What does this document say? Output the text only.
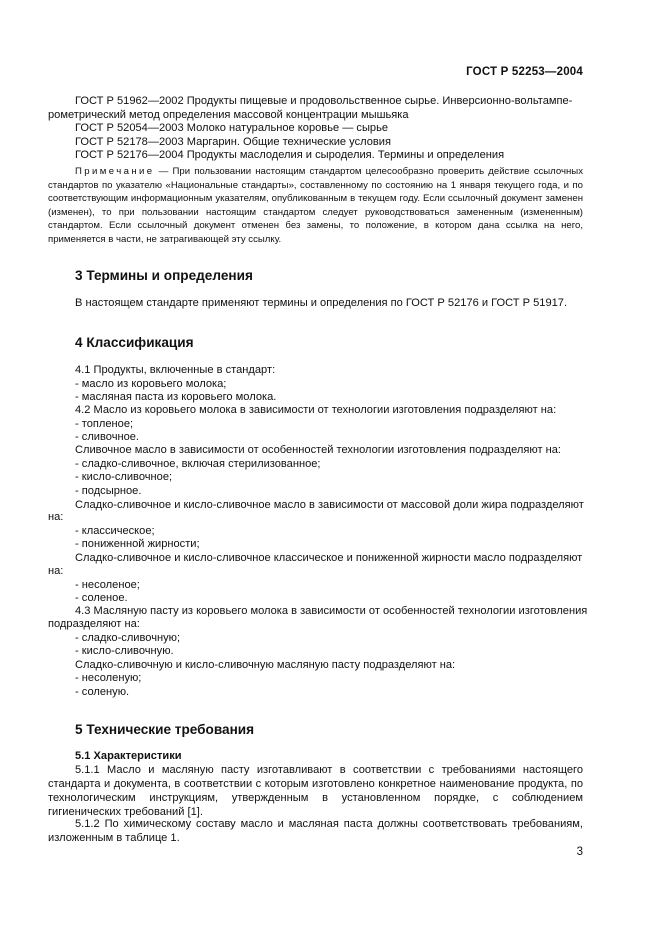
ГОСТ Р 52253—2004
ГОСТ Р 51962—2002 Продукты пищевые и продовольственное сырье. Инверсионно-вольтампе-
рометрический метод определения массовой концентрации мышьяка
ГОСТ Р 52054—2003 Молоко натуральное коровье — сырье
ГОСТ Р 52178—2003 Маргарин. Общие технические условия
ГОСТ Р 52176—2004 Продукты маслоделия и сыроделия. Термины и определения
Примечание — При пользовании настоящим стандартом целесообразно проверить действие ссылочных стандартов по указателю «Национальные стандарты», составленному по состоянию на 1 января текущего года, и по соответствующим информационным указателям, опубликованным в текущем году. Если ссылочный документ заменен (изменен), то при пользовании настоящим стандартом следует руководствоваться замененным (измененным) стандартом. Если ссылочный документ отменен без замены, то положение, в котором дана ссылка на него, применяется в части, не затрагивающей эту ссылку.
3 Термины и определения
В настоящем стандарте применяют термины и определения по ГОСТ Р 52176 и ГОСТ Р 51917.
4 Классификация
4.1 Продукты, включенные в стандарт:
- масло из коровьего молока;
- масляная паста из коровьего молока.
4.2 Масло из коровьего молока в зависимости от технологии изготовления подразделяют на:
- топленое;
- сливочное.
Сливочное масло в зависимости от особенностей технологии изготовления подразделяют на:
- сладко-сливочное, включая стерилизованное;
- кисло-сливочное;
- подсырное.
Сладко-сливочное и кисло-сливочное масло в зависимости от массовой доли жира подразделяют
на:
- классическое;
- пониженной жирности;
Сладко-сливочное и кисло-сливочное классическое и пониженной жирности масло подразделяют
на:
- несоленое;
- соленое.
4.3 Масляную пасту из коровьего молока в зависимости от особенностей технологии изготовления
подразделяют на:
- сладко-сливочную;
- кисло-сливочную.
Сладко-сливочную и кисло-сливочную масляную пасту подразделяют на:
- несоленую;
- соленую.
5 Технические требования
5.1 Характеристики
5.1.1 Масло и масляную пасту изготавливают в соответствии с требованиями настоящего стандарта и документа, в соответствии с которым изготовлено конкретное наименование продукта, по технологическим инструкциям, утвержденным в установленном порядке, с соблюдением гигиенических требований [1].
5.1.2 По химическому составу масло и масляная паста должны соответствовать требованиям, изложенным в таблице 1.
3
